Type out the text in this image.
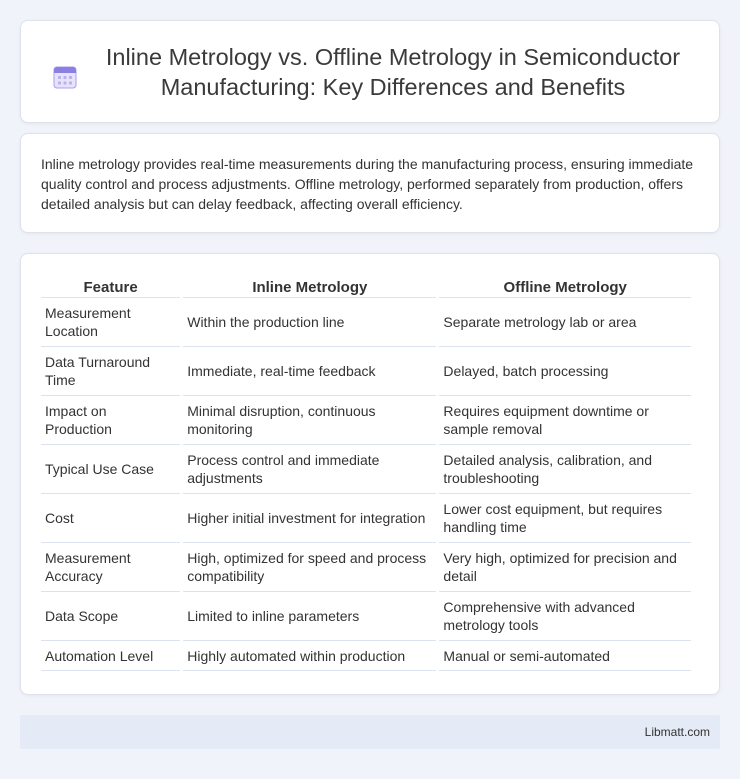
Inline Metrology vs. Offline Metrology in Semiconductor Manufacturing: Key Differences and Benefits

Inline metrology provides real-time measurements during the manufacturing process, ensuring immediate quality control and process adjustments. Offline metrology, performed separately from production, offers detailed analysis but can delay feedback, affecting overall efficiency.

Feature	Inline Metrology	Offline Metrology
Measurement Location	Within the production line	Separate metrology lab or area
Data Turnaround Time	Immediate, real-time feedback	Delayed, batch processing
Impact on Production	Minimal disruption, continuous monitoring	Requires equipment downtime or sample removal
Typical Use Case	Process control and immediate adjustments	Detailed analysis, calibration, and troubleshooting
Cost	Higher initial investment for integration	Lower cost equipment, but requires handling time
Measurement Accuracy	High, optimized for speed and process compatibility	Very high, optimized for precision and detail
Data Scope	Limited to inline parameters	Comprehensive with advanced metrology tools
Automation Level	Highly automated within production	Manual or semi-automated
Libmatt.com
